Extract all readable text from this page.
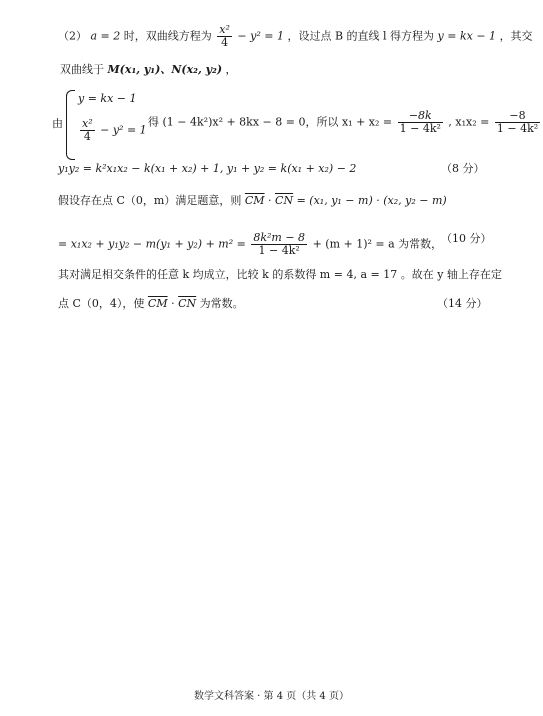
（2） a = 2 时，双曲线方程为 $\frac{\text{x²}}{4} - y^2 = 1$ ，设过点 B 的直线 l 得方程为 y = kx − 1 ，其交
双曲线于 M(x₁, y₁)、N(x₂, y₂) ，
由
y = kx − 1
$\frac{\text{x²}}{4} - y^2 = 1$
得 (1 − 4k²)x² + 8kx − 8 = 0，所以 $x_1 + x_2 = \frac{-8k}{\text{1 − 4k²}}$ , $x_1x_2 = \frac{-8}{\text{1 − 4k²}}$
y₁y₂ = k²x₁x₂ − k(x₁ + x₂) + 1, y₁ + y₂ = k(x₁ + x₂) − 2	（8 分）
假设存在点 C（0，m）满足题意，则 $\overline{CM} \cdot \overline{CN} = (x_1$, y₁ − m) · (x₂, y₂ − m)
= $x_1x_2 + y_1y_2 - m(y_1 + y_2) + m^2 = \frac{\text{8k²m − 8}}{\text{1 − 4k²}} + (m + 1)^2 = a$ 为常数，
（10 分）
其对满足相交条件的任意 k 均成立，比较 k 的系数得 m = 4, a = 17 。故在 y 轴上存在定
点 C（0，4），使 $\overline{CM} \cdot \overline{CN}$ 为常数。	（14 分）
数学文科答案 · 第 4 页（共 4 页）
